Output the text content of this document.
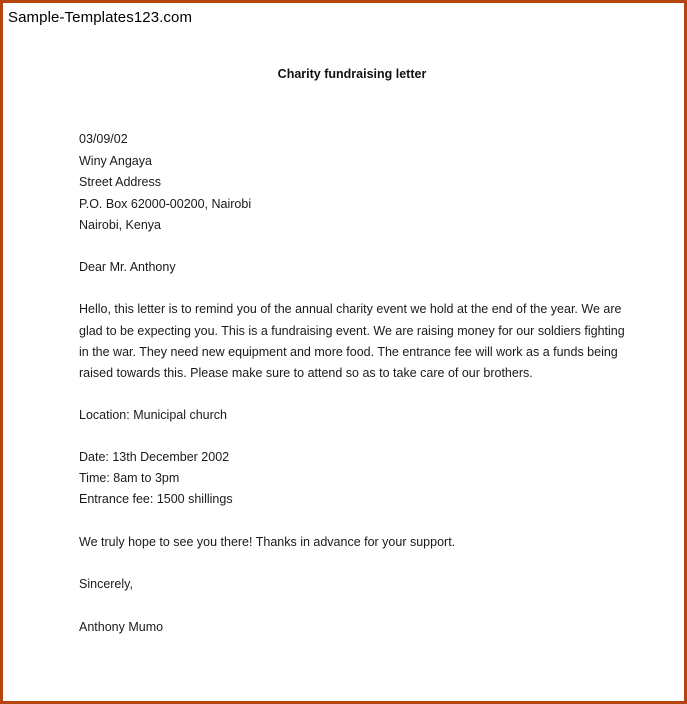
Sample-Templates123.com
Charity fundraising letter
03/09/02
Winy Angaya
Street Address
P.O. Box 62000-00200, Nairobi
Nairobi, Kenya
Dear Mr. Anthony
Hello, this letter is to remind you of the annual charity event we hold at the end of the year. We are
glad to be expecting you. This is a fundraising event. We are raising money for our soldiers fighting
in the war. They need new equipment and more food. The entrance fee will work as a funds being
raised towards this. Please make sure to attend so as to take care of our brothers.
Location: Municipal church
Date: 13th December 2002
Time: 8am to 3pm
Entrance fee: 1500 shillings
We truly hope to see you there! Thanks in advance for your support.
Sincerely,
Anthony Mumo
